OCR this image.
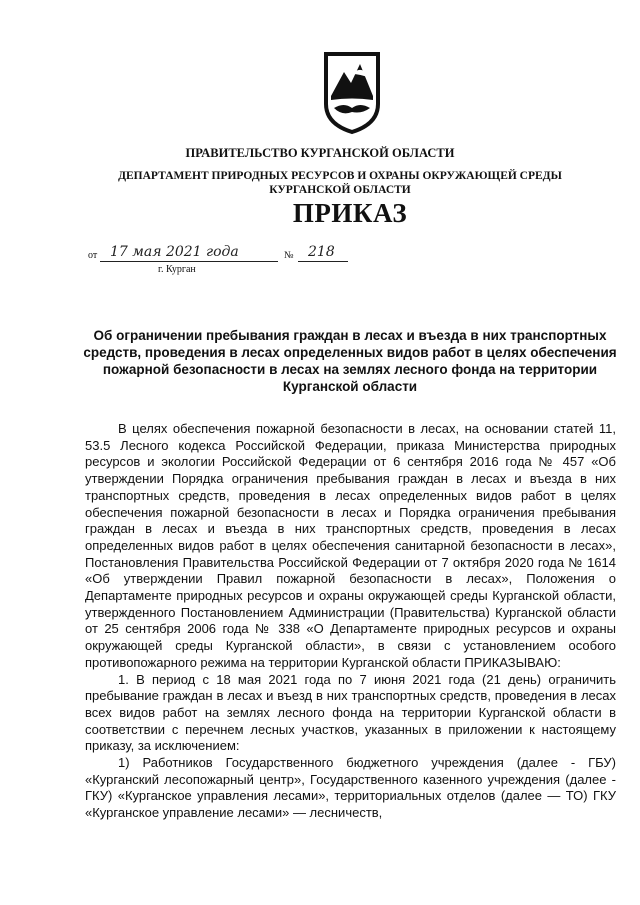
ПРАВИТЕЛЬСТВО КУРГАНСКОЙ ОБЛАСТИ
ДЕПАРТАМЕНТ ПРИРОДНЫХ РЕСУРСОВ И ОХРАНЫ ОКРУЖАЮЩЕЙ СРЕДЫ КУРГАНСКОЙ ОБЛАСТИ
ПРИКАЗ
от 17 мая 2021 года	№ 218
г. Курган
Об ограничении пребывания граждан в лесах и въезда в них транспортных средств, проведения в лесах определенных видов работ в целях обеспечения пожарной безопасности в лесах на землях лесного фонда на территории Курганской области

В целях обеспечения пожарной безопасности в лесах, на основании статей 11, 53.5 Лесного кодекса Российской Федерации, приказа Министерства природных ресурсов и экологии Российской Федерации от 6 сентября 2016 года № 457 «Об утверждении Порядка ограничения пребывания граждан в лесах и въезда в них транспортных средств, проведения в лесах определенных видов работ в целях обеспечения пожарной безопасности в лесах и Порядка ограничения пребывания граждан в лесах и въезда в них транспортных средств, проведения в лесах определенных видов работ в целях обеспечения санитарной безопасности в лесах», Постановления Правительства Российской Федерации от 7 октября 2020 года № 1614 «Об утверждении Правил пожарной безопасности в лесах», Положения о Департаменте природных ресурсов и охраны окружающей среды Курганской области, утвержденного Постановлением Администрации (Правительства) Курганской области от 25 сентября 2006 года № 338 «О Департаменте природных ресурсов и охраны окружающей среды Курганской области», в связи с установлением особого противопожарного режима на территории Курганской области ПРИКАЗЫВАЮ:

1. В период с 18 мая 2021 года по 7 июня 2021 года (21 день) ограничить пребывание граждан в лесах и въезд в них транспортных средств, проведения в лесах всех видов работ на землях лесного фонда на территории Курганской области в соответствии с перечнем лесных участков, указанных в приложении к настоящему приказу, за исключением:

1) Работников Государственного бюджетного учреждения (далее - ГБУ) «Курганский лесопожарный центр», Государственного казенного учреждения (далее - ГКУ) «Курганское управления лесами», территориальных отделов (далее — ТО) ГКУ «Курганское управление лесами» — лесничеств,
